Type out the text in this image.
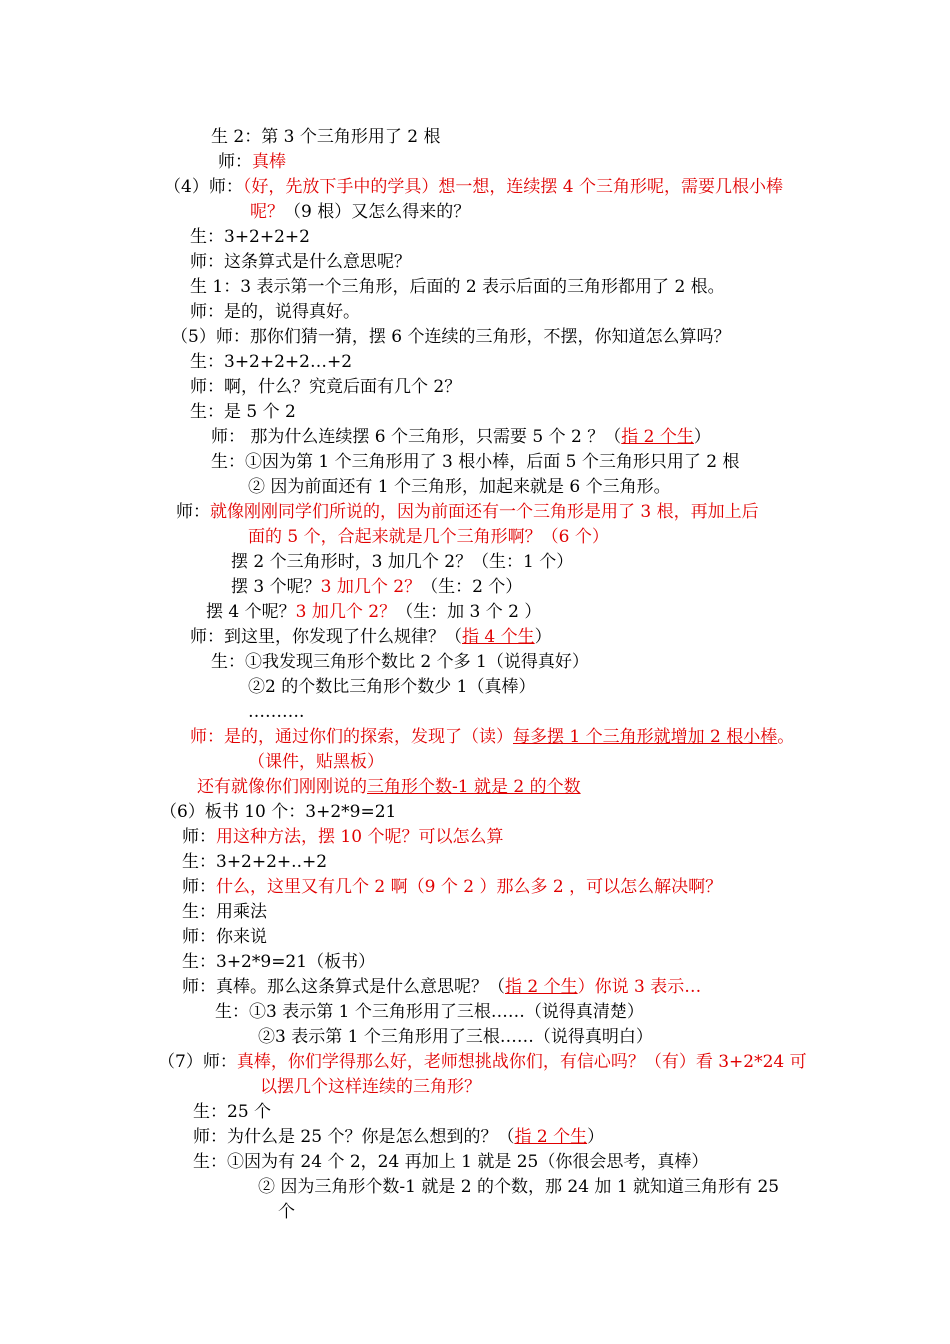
生 2：第 3 个三角形用了 2 根
师：真棒
（4）师：（好，先放下手中的学具）想一想，连续摆 4 个三角形呢，需要几根小棒
呢？（9 根）又怎么得来的？
生：3+2+2+2
师：这条算式是什么意思呢？
生 1：3 表示第一个三角形，后面的 2 表示后面的三角形都用了 2 根。
师：是的，说得真好。
（5）师：那你们猜一猜，摆 6 个连续的三角形，不摆，你知道怎么算吗？
生：3+2+2+2…+2
师：啊，什么？究竟后面有几个 2？
生：是 5 个 2
师： 那为什么连续摆 6 个三角形，只需要 5 个 2 ？（指 2 个生）
生：①因为第 1 个三角形用了 3 根小棒，后面 5 个三角形只用了 2 根
② 因为前面还有 1 个三角形，加起来就是 6 个三角形。
师：就像刚刚同学们所说的，因为前面还有一个三角形是用了 3 根，再加上后
面的 5 个，合起来就是几个三角形啊？（6 个）
摆 2 个三角形时，3 加几个 2？（生：1 个）
摆 3 个呢？3 加几个 2？（生：2 个）
摆 4 个呢？3 加几个 2？（生：加 3 个 2 ）
师：到这里，你发现了什么规律？（指 4 个生）
生：①我发现三角形个数比 2 个多 1（说得真好）
②2 的个数比三角形个数少 1（真棒）
……….
师：是的，通过你们的探索，发现了（读）每多摆 1 个三角形就增加 2 根小棒。
（课件，贴黑板）
还有就像你们刚刚说的三角形个数-1 就是 2 的个数
（6）板书 10 个：3+2*9=21
师：用这种方法，摆 10 个呢？可以怎么算
生：3+2+2+..+2
师：什么，这里又有几个 2 啊（9 个 2 ）那么多 2 ，可以怎么解决啊？
生：用乘法
师：你来说
生：3+2*9=21（板书）
师：真棒。那么这条算式是什么意思呢？（指 2 个生）你说 3 表示…
生：①3 表示第 1 个三角形用了三根……（说得真清楚）
②3 表示第 1 个三角形用了三根……（说得真明白）
（7）师：真棒，你们学得那么好，老师想挑战你们，有信心吗？（有）看 3+2*24 可
以摆几个这样连续的三角形？
生：25 个
师：为什么是 25 个？你是怎么想到的？（指 2 个生）
生：①因为有 24 个 2，24 再加上 1 就是 25（你很会思考，真棒）
② 因为三角形个数-1 就是 2 的个数，那 24 加 1 就知道三角形有 25
个
